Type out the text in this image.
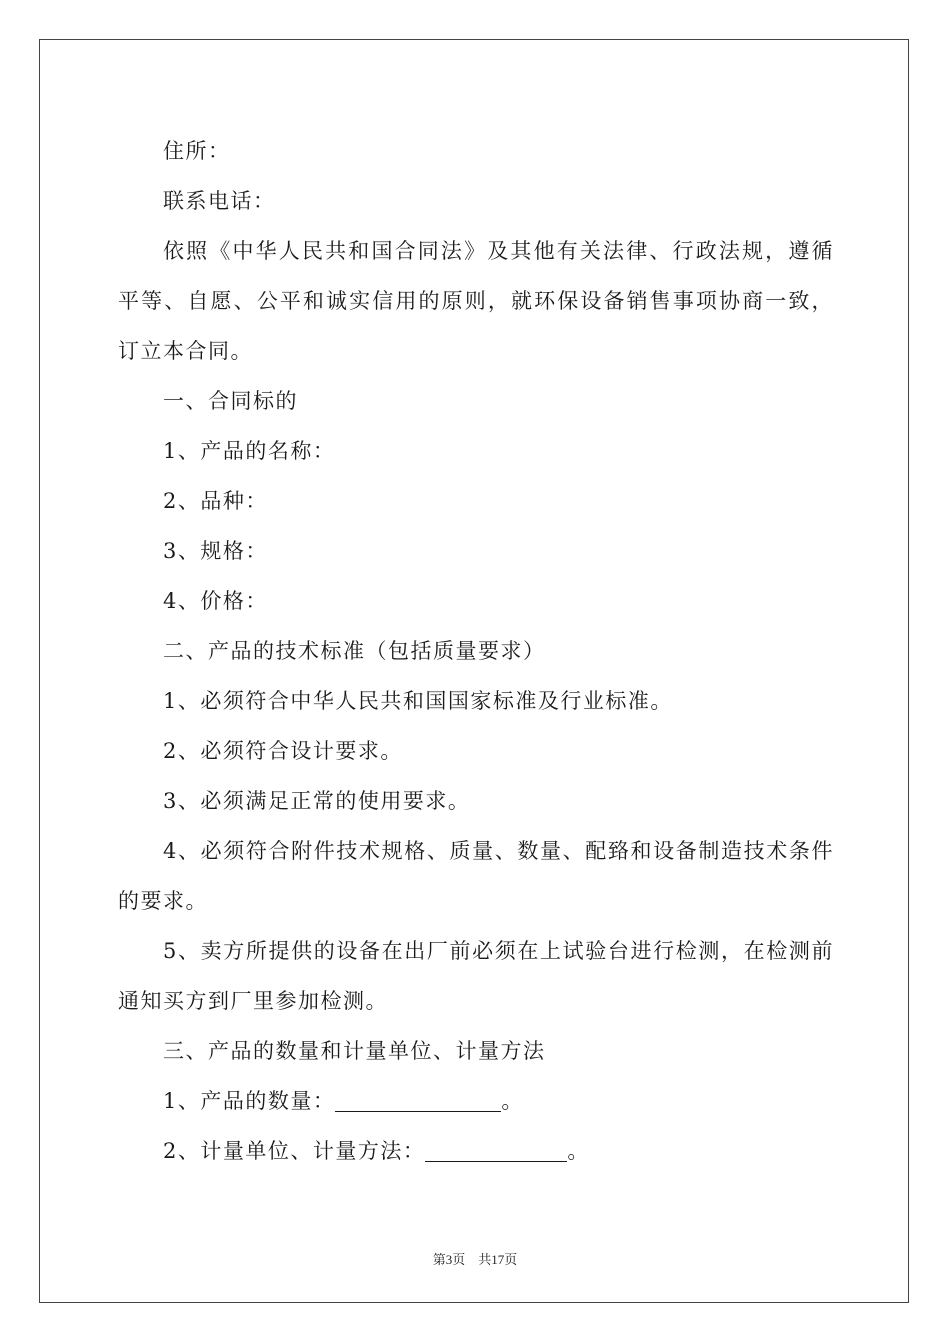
住所：

联系电话：

依照《中华人民共和国合同法》及其他有关法律、行政法规，遵循平等、自愿、公平和诚实信用的原则，就环保设备销售事项协商一致，订立本合同。

一、合同标的

1、产品的名称：

2、品种：

3、规格：

4、价格：

二、产品的技术标准（包括质量要求）

1、必须符合中华人民共和国国家标准及行业标准。

2、必须符合设计要求。

3、必须满足正常的使用要求。

4、必须符合附件技术规格、质量、数量、配臵和设备制造技术条件的要求。

5、卖方所提供的设备在出厂前必须在上试验台进行检测，在检测前通知买方到厂里参加检测。

三、产品的数量和计量单位、计量方法

1、产品的数量：	。

2、计量单位、计量方法：	。

第3页　共17页
